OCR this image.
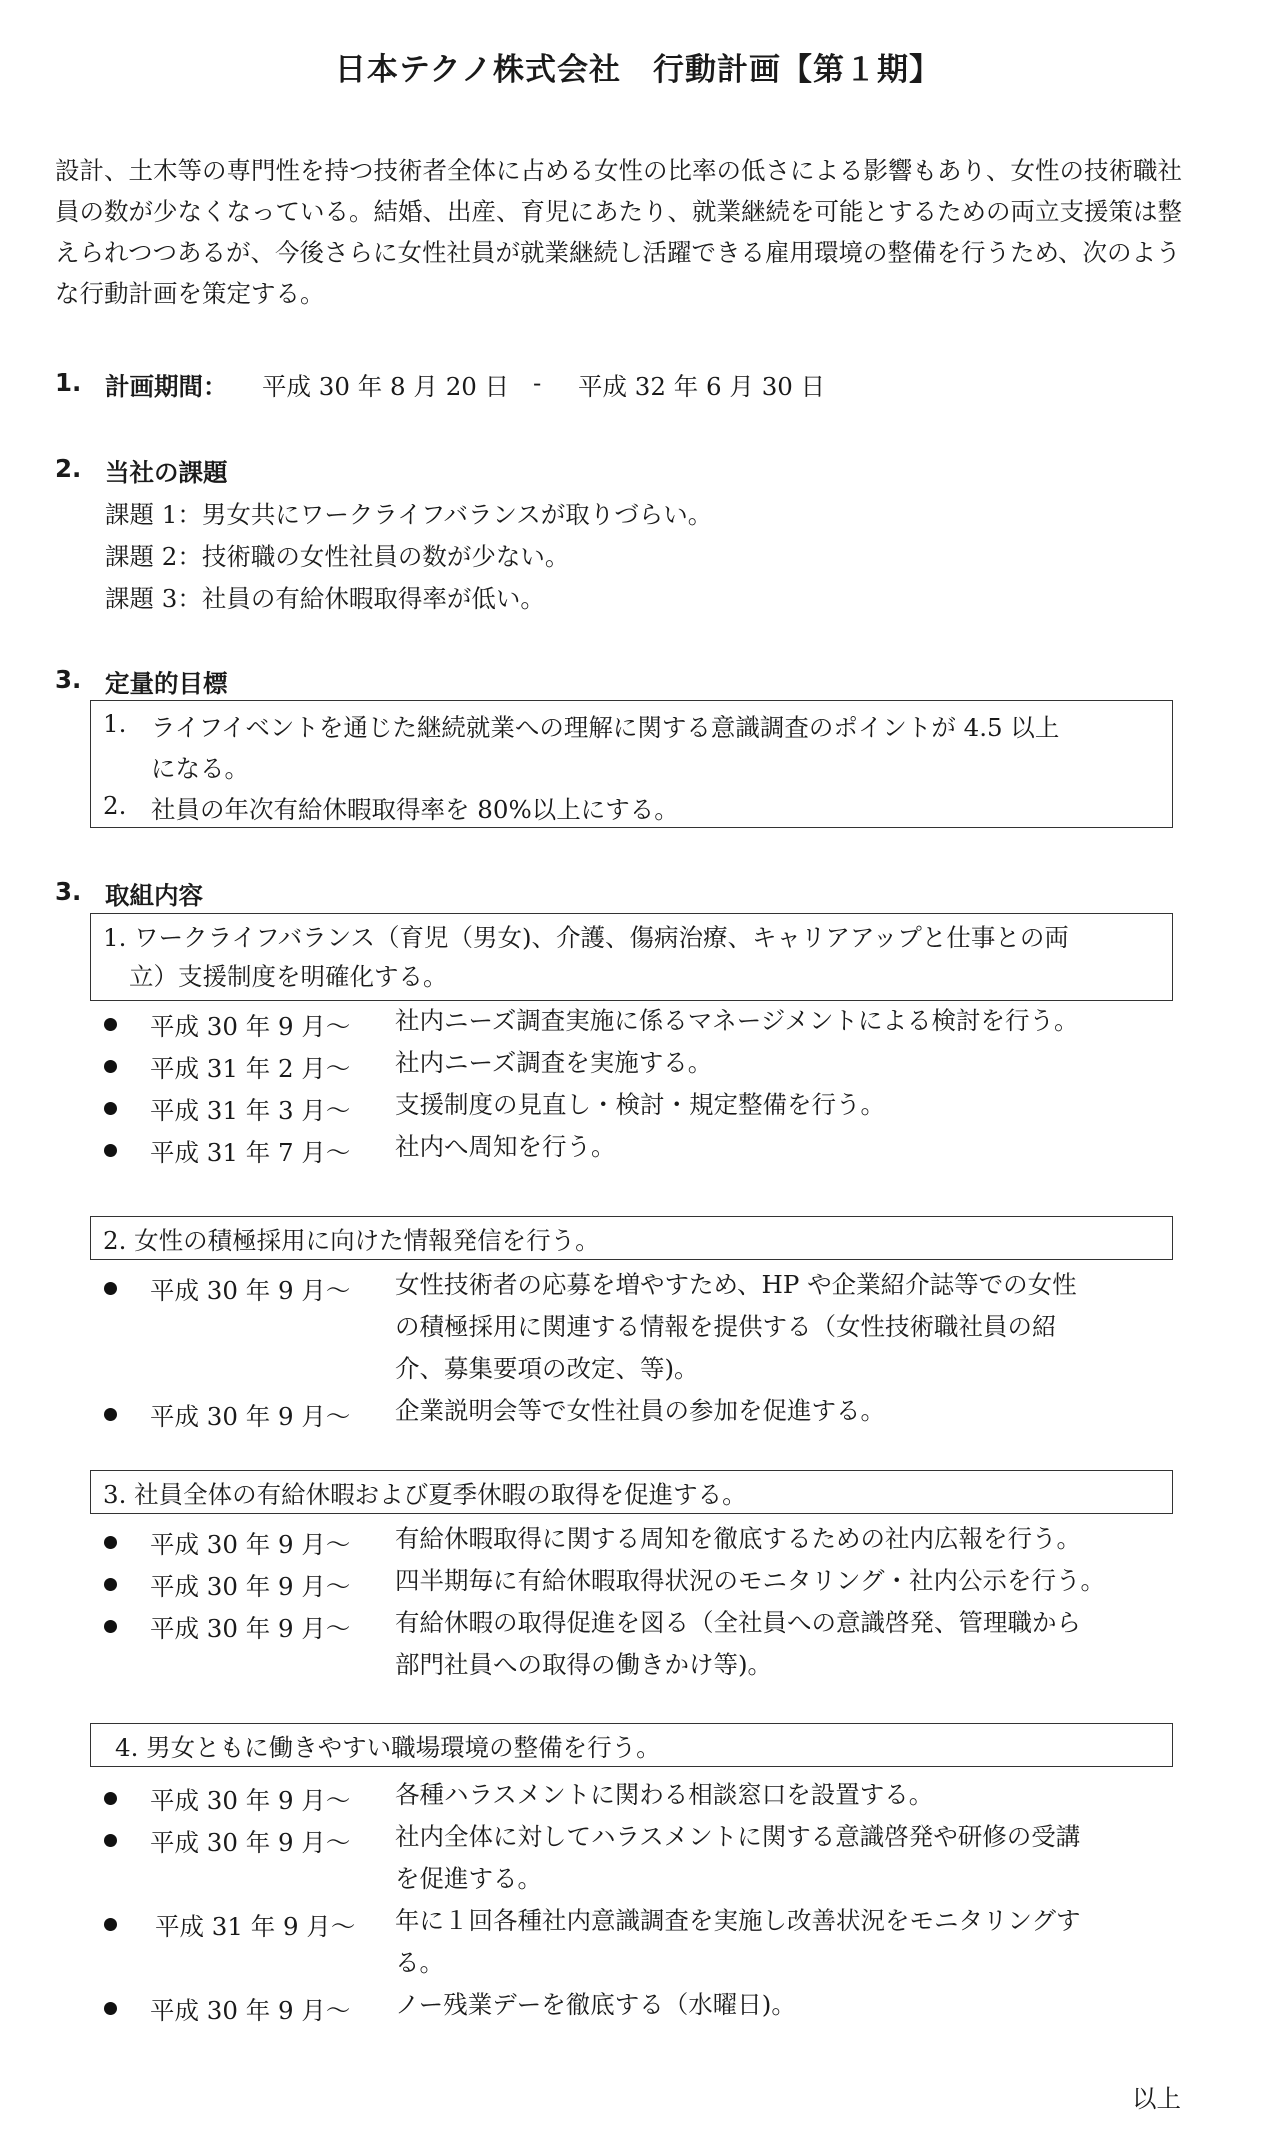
日本テクノ株式会社　行動計画【第１期】

設計、土木等の専門性を持つ技術者全体に占める女性の比率の低さによる影響もあり、女性の技術職社員の数が少なくなっている。結婚、出産、育児にあたり、就業継続を可能とするための両立支援策は整えられつつあるが、今後さらに女性社員が就業継続し活躍できる雇用環境の整備を行うため、次のような行動計画を策定する。

1. 計画期間： 平成 30 年 8 月 20 日 - 平成 32 年 6 月 30 日
2. 当社の課題
課題 1：男女共にワークライフバランスが取りづらい。
課題 2：技術職の女性社員の数が少ない。
課題 3：社員の有給休暇取得率が低い。
3. 定量的目標
1. ライフイベントを通じた継続就業への理解に関する意識調査のポイントが 4.5 以上
になる。
2. 社員の年次有給休暇取得率を 80%以上にする。
3. 取組内容
1. ワークライフバランス（育児（男女)、介護、傷病治療、キャリアアップと仕事との両
立）支援制度を明確化する。
平成 30 年 9 月～ 社内ニーズ調査実施に係るマネージメントによる検討を行う。
平成 31 年 2 月～ 社内ニーズ調査を実施する。
平成 31 年 3 月～ 支援制度の見直し・検討・規定整備を行う。
平成 31 年 7 月～ 社内へ周知を行う。
2. 女性の積極採用に向けた情報発信を行う。
平成 30 年 9 月～ 女性技術者の応募を増やすため、HP や企業紹介誌等での女性
の積極採用に関連する情報を提供する（女性技術職社員の紹
介、募集要項の改定、等)。
平成 30 年 9 月～ 企業説明会等で女性社員の参加を促進する。
3. 社員全体の有給休暇および夏季休暇の取得を促進する。
平成 30 年 9 月～ 有給休暇取得に関する周知を徹底するための社内広報を行う。
平成 30 年 9 月～ 四半期毎に有給休暇取得状況のモニタリング・社内公示を行う。
平成 30 年 9 月～ 有給休暇の取得促進を図る（全社員への意識啓発、管理職から
部門社員への取得の働きかけ等)。
4. 男女ともに働きやすい職場環境の整備を行う。
平成 30 年 9 月～ 各種ハラスメントに関わる相談窓口を設置する。
平成 30 年 9 月～ 社内全体に対してハラスメントに関する意識啓発や研修の受講
を促進する。
平成 31 年 9 月～ 年に１回各種社内意識調査を実施し改善状況をモニタリングす
る。
平成 30 年 9 月～ ノー残業デーを徹底する（水曜日)。
以上
